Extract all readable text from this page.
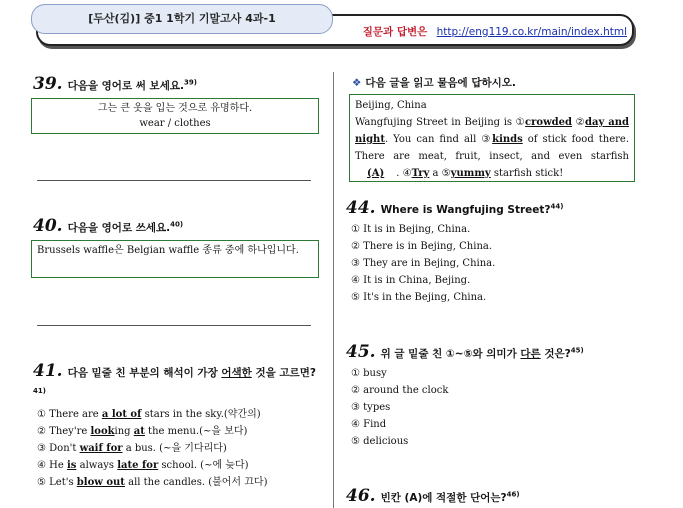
[두산(김)] 중1 1학기 기말고사 4과-1
질문과 답변은 http://eng119.co.kr/main/index.html
39. 다음을 영어로 써 보세요.$^{39)}$
그는 큰 옷을 입는 것으로 유명하다.
wear / clothes
40. 다음을 영어로 쓰세요.$^{40)}$
Brussels waffle은 Belgian waffle 종류 중에 하나입니다.
41. 다음 밑줄 친 부분의 해석이 가장 어색한 것을 고르면?$^{41)}$
① There are a lot of stars in the sky.(약간의)
② They're looking at the menu.(~을 보다)
③ Don't waif for a bus. (~을 기다리다)
④ He is always late for school. (~에 늦다)
⑤ Let's blow out all the candles. (불어서 끄다)
❖ 다음 글을 읽고 물음에 답하시오.
Beijing, China
Wangfujing Street in Beijing is ①crowded ②day and night. You can find all ③kinds of stick food there. There are meat, fruit, insect, and even starfish (A) . ④Try a ⑤yummy starfish stick!
44. Where is Wangfujing Street?$^{44)}$
① It is in Bejing, China.
② There is in Bejing, China.
③ They are in Bejing, China.
④ It is in China, Bejing.
⑤ It's in the Bejing, China.
45. 위 글 밑줄 친 ①~⑤와 의미가 다른 것은?$^{45)}$
① busy
② around the clock
③ types
④ Find
⑤ delicious
46. 빈칸 (A)에 적절한 단어는?$^{46)}$
